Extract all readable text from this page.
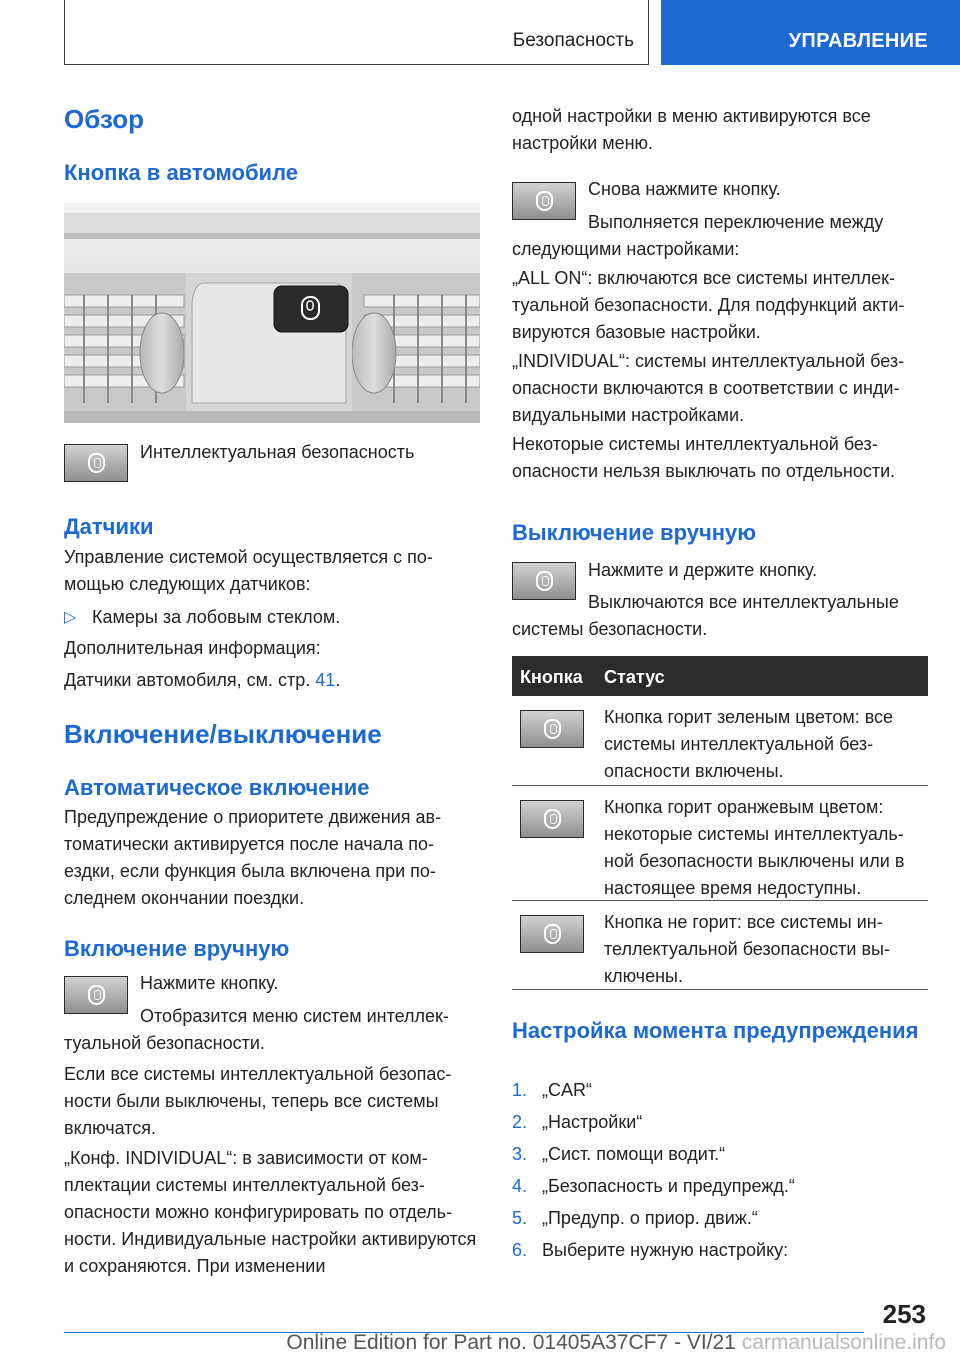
Безопасность	УПРАВЛЕНИЕ
Обзор
Кнопка в автомобиле
Интеллектуальная безопасность
Датчики
Управление системой осуществляется с по-мощью следующих датчиков:
▷ Камеры за лобовым стеклом.
Дополнительная информация:
Датчики автомобиля, см. стр. 41.
Включение/выключение
Автоматическое включение
Предупреждение о приоритете движения ав-томатически активируется после начала по-ездки, если функция была включена при по-следнем окончании поездки.
Включение вручную
Нажмите кнопку.
Отобразится меню систем интеллек-туальной безопасности.
Если все системы интеллектуальной безопас-ности были выключены, теперь все системы включатся.
„Конф. INDIVIDUAL“: в зависимости от ком-плектации системы интеллектуальной без-опасности можно конфигурировать по отдель-ности. Индивидуальные настройки активируются и сохраняются. При изменении
одной настройки в меню активируются все настройки меню.
Снова нажмите кнопку.
Выполняется переключение между следующими настройками:
„ALL ON“: включаются все системы интеллек-туальной безопасности. Для подфункций акти-вируются базовые настройки.
„INDIVIDUAL“: системы интеллектуальной без-опасности включаются в соответствии с инди-видуальными настройками.
Некоторые системы интеллектуальной без-опасности нельзя выключать по отдельности.
Выключение вручную
Нажмите и держите кнопку.
Выключаются все интеллектуальные системы безопасности.
Кнопка Статус
Кнопка горит зеленым цветом: все системы интеллектуальной без-опасности включены.
Кнопка горит оранжевым цветом: некоторые системы интеллектуаль-ной безопасности выключены или в настоящее время недоступны.
Кнопка не горит: все системы ин-теллектуальной безопасности вы-ключены.
Настройка момента предупреждения
1. „CAR“
2. „Настройки“
3. „Сист. помощи водит.“
4. „Безопасность и предупрежд.“
5. „Предупр. о приор. движ.“
6. Выберите нужную настройку:
253
Online Edition for Part no. 01405A37CF7 - VI/21 carmanualsonline.info
